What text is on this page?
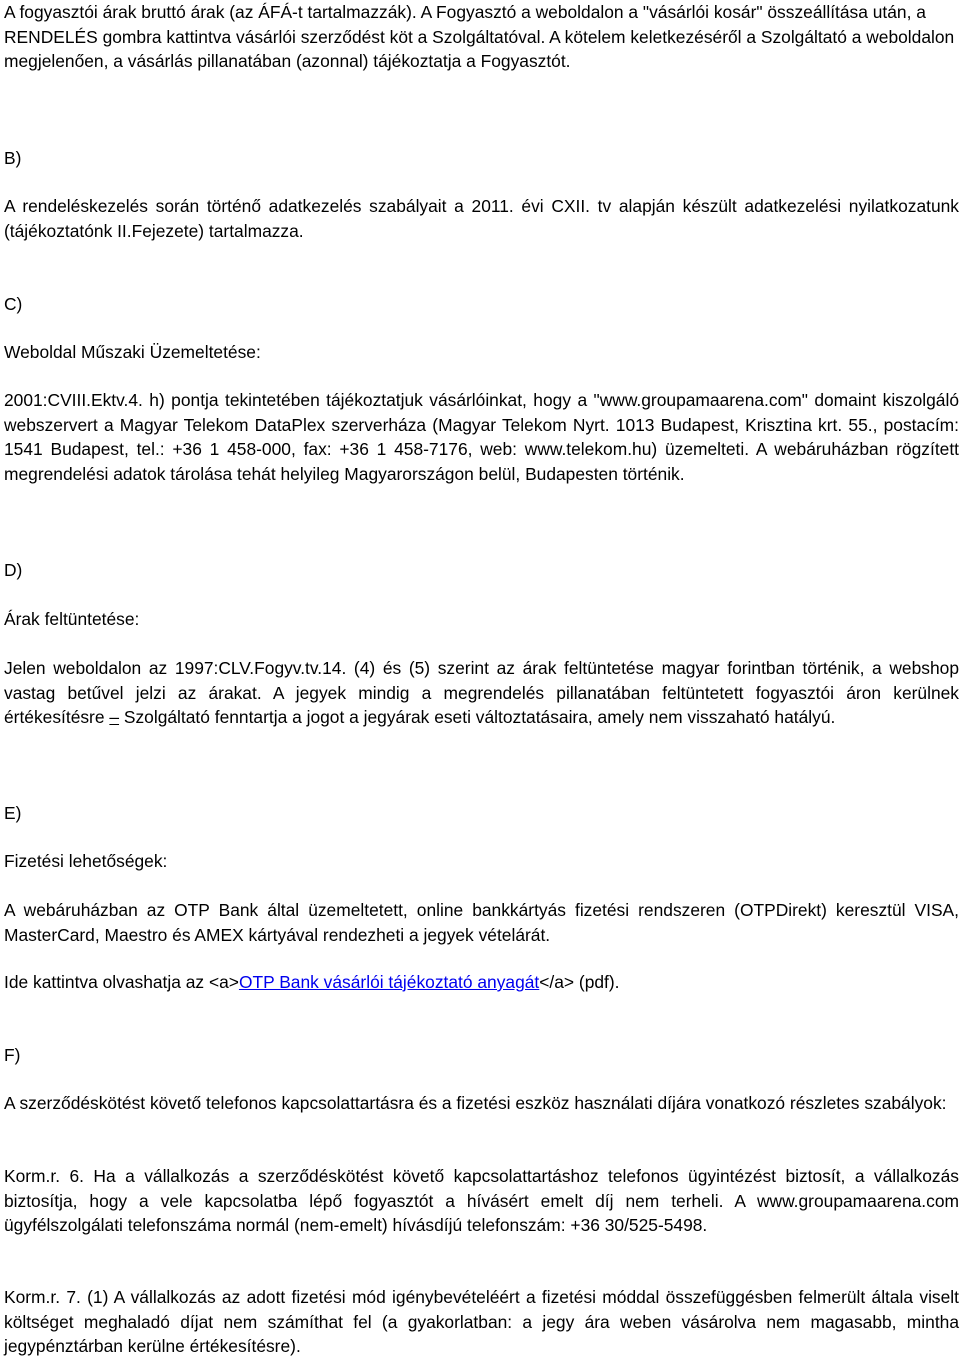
A fogyasztói árak bruttó árak (az ÁFÁ-t tartalmazzák). A Fogyasztó a weboldalon a "vásárlói kosár" összeállítása után, a RENDELÉS gombra kattintva vásárlói szerződést köt a Szolgáltatóval. A kötelem keletkezéséről a Szolgáltató a weboldalon megjelenően, a vásárlás pillanatában (azonnal) tájékoztatja a Fogyasztót.

B)

A rendeléskezelés során történő adatkezelés szabályait a 2011. évi CXII. tv alapján készült adatkezelési nyilatkozatunk (tájékoztatónk II.Fejezete) tartalmazza.

C)

Weboldal Műszaki Üzemeltetése:

2001:CVIII.Ektv.4. h) pontja tekintetében tájékoztatjuk vásárlóinkat, hogy a "www.groupamaarena.com" domaint kiszolgáló webszervert a Magyar Telekom DataPlex szerverháza (Magyar Telekom Nyrt. 1013 Budapest, Krisztina krt. 55., postacím: 1541 Budapest, tel.: +36 1 458-000, fax: +36 1 458-7176, web: www.telekom.hu) üzemelteti. A webáruházban rögzített megrendelési adatok tárolása tehát helyileg Magyarországon belül, Budapesten történik.

D)

Árak feltüntetése:

Jelen weboldalon az 1997:CLV.Fogyv.tv.14. (4) és (5) szerint az árak feltüntetése magyar forintban történik, a webshop vastag betűvel jelzi az árakat. A jegyek mindig a megrendelés pillanatában feltüntetett fogyasztói áron kerülnek értékesítésre – Szolgáltató fenntartja a jogot a jegyárak eseti változtatásaira, amely nem visszaható hatályú.

E)

Fizetési lehetőségek:

A webáruházban az OTP Bank által üzemeltetett, online bankkártyás fizetési rendszeren (OTPDirekt) keresztül VISA, MasterCard, Maestro és AMEX kártyával rendezheti a jegyek vételárát.

Ide kattintva olvashatja az <a>OTP Bank vásárlói tájékoztató anyagát</a> (pdf).

F)

A szerződéskötést követő telefonos kapcsolattartásra és a fizetési eszköz használati díjára vonatkozó részletes szabályok:

Korm.r. 6. Ha a vállalkozás a szerződéskötést követő kapcsolattartáshoz telefonos ügyintézést biztosít, a vállalkozás biztosítja, hogy a vele kapcsolatba lépő fogyasztót a hívásért emelt díj nem terheli. A www.groupamaarena.com ügyfélszolgálati telefonszáma normál (nem-emelt) hívásdíjú telefonszám: +36 30/525-5498.

Korm.r. 7. (1) A vállalkozás az adott fizetési mód igénybevételéért a fizetési móddal összefüggésben felmerült általa viselt költséget meghaladó díjat nem számíthat fel (a gyakorlatban: a jegy ára weben vásárolva nem magasabb, mintha jegypénztárban kerülne értékesítésre).
